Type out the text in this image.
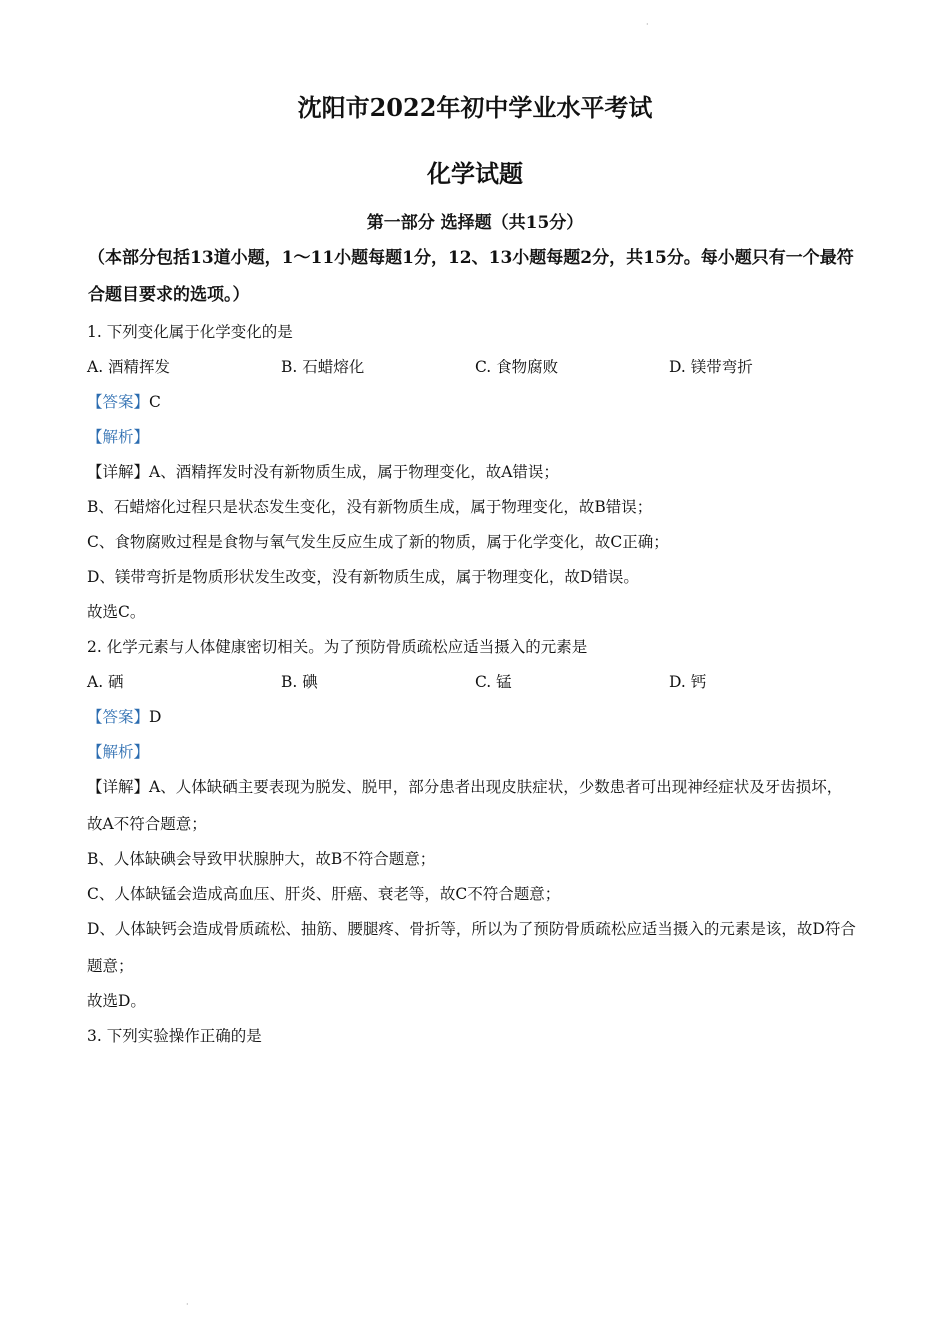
·
沈阳市2022年初中学业水平考试
化学试题
第一部分 选择题（共15分）
（本部分包括13道小题，1～11小题每题1分，12、13小题每题2分，共15分。每小题只有一个最符合题目要求的选项。）
1. 下列变化属于化学变化的是
A. 酒精挥发	B. 石蜡熔化	C. 食物腐败	D. 镁带弯折
【答案】C
【解析】
【详解】A、酒精挥发时没有新物质生成，属于物理变化，故A错误；
B、石蜡熔化过程只是状态发生变化，没有新物质生成，属于物理变化，故B错误；
C、食物腐败过程是食物与氧气发生反应生成了新的物质，属于化学变化，故C正确；
D、镁带弯折是物质形状发生改变，没有新物质生成，属于物理变化，故D错误。
故选C。
2. 化学元素与人体健康密切相关。为了预防骨质疏松应适当摄入的元素是
A. 硒	B. 碘	C. 锰	D. 钙
【答案】D
【解析】
【详解】A、人体缺硒主要表现为脱发、脱甲，部分患者出现皮肤症状，少数患者可出现神经症状及牙齿损坏，故A不符合题意；
B、人体缺碘会导致甲状腺肿大，故B不符合题意；
C、人体缺锰会造成高血压、肝炎、肝癌、衰老等，故C不符合题意；
D、人体缺钙会造成骨质疏松、抽筋、腰腿疼、骨折等，所以为了预防骨质疏松应适当摄入的元素是该，故D符合题意；
故选D。
3. 下列实验操作正确的是
·
